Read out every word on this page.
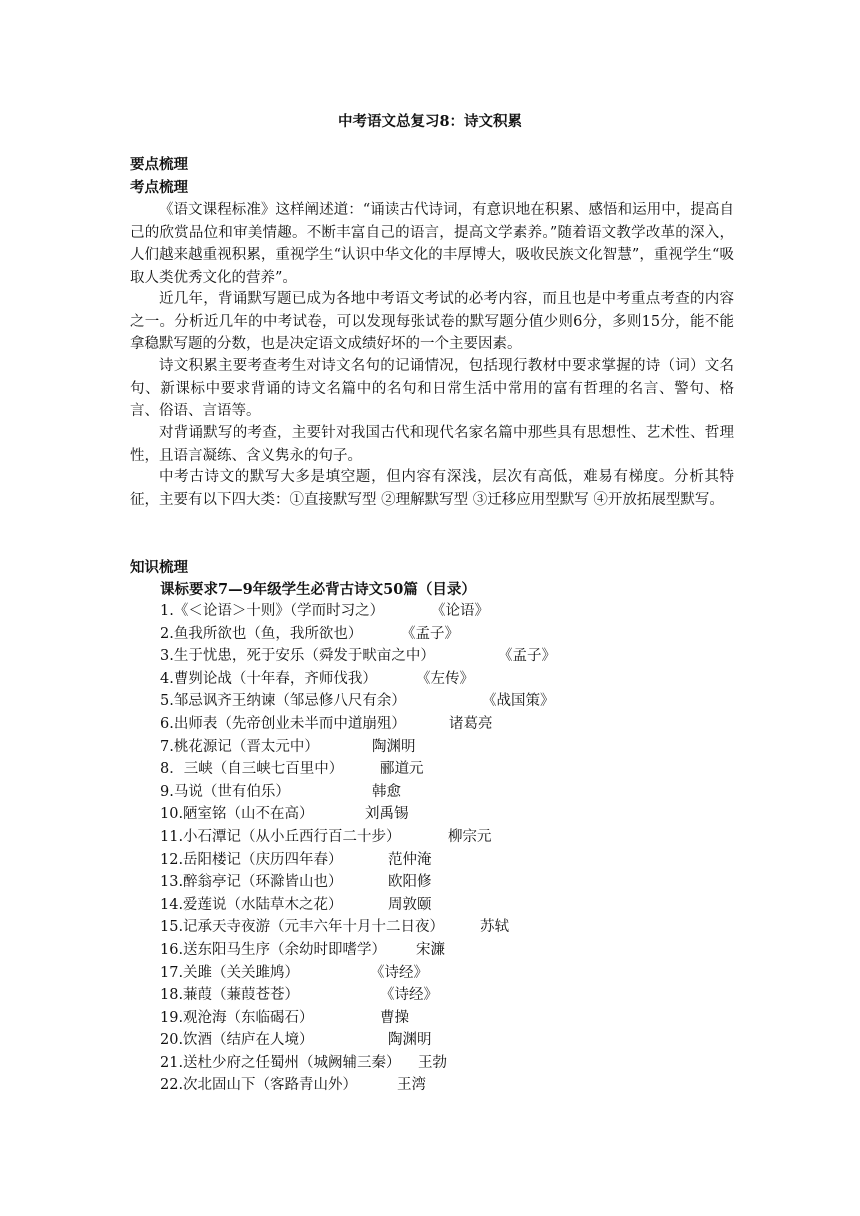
中考语文总复习8：诗文积累
要点梳理
考点梳理

《语文课程标准》这样阐述道：“诵读古代诗词，有意识地在积累、感悟和运用中，提高自己的欣赏品位和审美情趣。不断丰富自己的语言，提高文学素养。”随着语文教学改革的深入，人们越来越重视积累，重视学生“认识中华文化的丰厚博大，吸收民族文化智慧”，重视学生“吸取人类优秀文化的营养”。

近几年，背诵默写题已成为各地中考语文考试的必考内容，而且也是中考重点考查的内容之一。分析近几年的中考试卷，可以发现每张试卷的默写题分值少则6分，多则15分，能不能拿稳默写题的分数，也是决定语文成绩好坏的一个主要因素。

诗文积累主要考查考生对诗文名句的记诵情况，包括现行教材中要求掌握的诗（词）文名句、新课标中要求背诵的诗文名篇中的名句和日常生活中常用的富有哲理的名言、警句、格言、俗语、言语等。

对背诵默写的考查，主要针对我国古代和现代名家名篇中那些具有思想性、艺术性、哲理性，且语言凝练、含义隽永的句子。

中考古诗文的默写大多是填空题，但内容有深浅，层次有高低，难易有梯度。分析其特征，主要有以下四大类：①直接默写型 ②理解默写型 ③迁移应用型默写 ④开放拓展型默写。

知识梳理
课标要求7—9年级学生必背古诗文50篇（目录）
1.《＜论语＞十则》（学而时习之）	《论语》
2.鱼我所欲也（鱼，我所欲也）	《孟子》
3.生于忧患，死于安乐（舜发于畎亩之中）	《孟子》
4.曹刿论战（十年春，齐师伐我）	《左传》
5.邹忌讽齐王纳谏（邹忌修八尺有余）	《战国策》
6.出师表（先帝创业未半而中道崩殂）	诸葛亮
7.桃花源记（晋太元中）	陶渊明
8．三峡（自三峡七百里中）	郦道元
9.马说（世有伯乐）	韩愈
10.陋室铭（山不在高）	刘禹锡
11.小石潭记（从小丘西行百二十步）	柳宗元
12.岳阳楼记（庆历四年春）	范仲淹
13.醉翁亭记（环滁皆山也）	欧阳修
14.爱莲说（水陆草木之花）	周敦颐
15.记承天寺夜游（元丰六年十月十二日夜） 苏轼
16.送东阳马生序（余幼时即嗜学） 宋濂
17.关雎（关关雎鸠）	《诗经》
18.蒹葭（蒹葭苍苍）	《诗经》
19.观沧海（东临碣石）	曹操
20.饮酒（结庐在人境）	陶渊明
21.送杜少府之任蜀州（城阙辅三秦） 王勃
22.次北固山下（客路青山外）	王湾
